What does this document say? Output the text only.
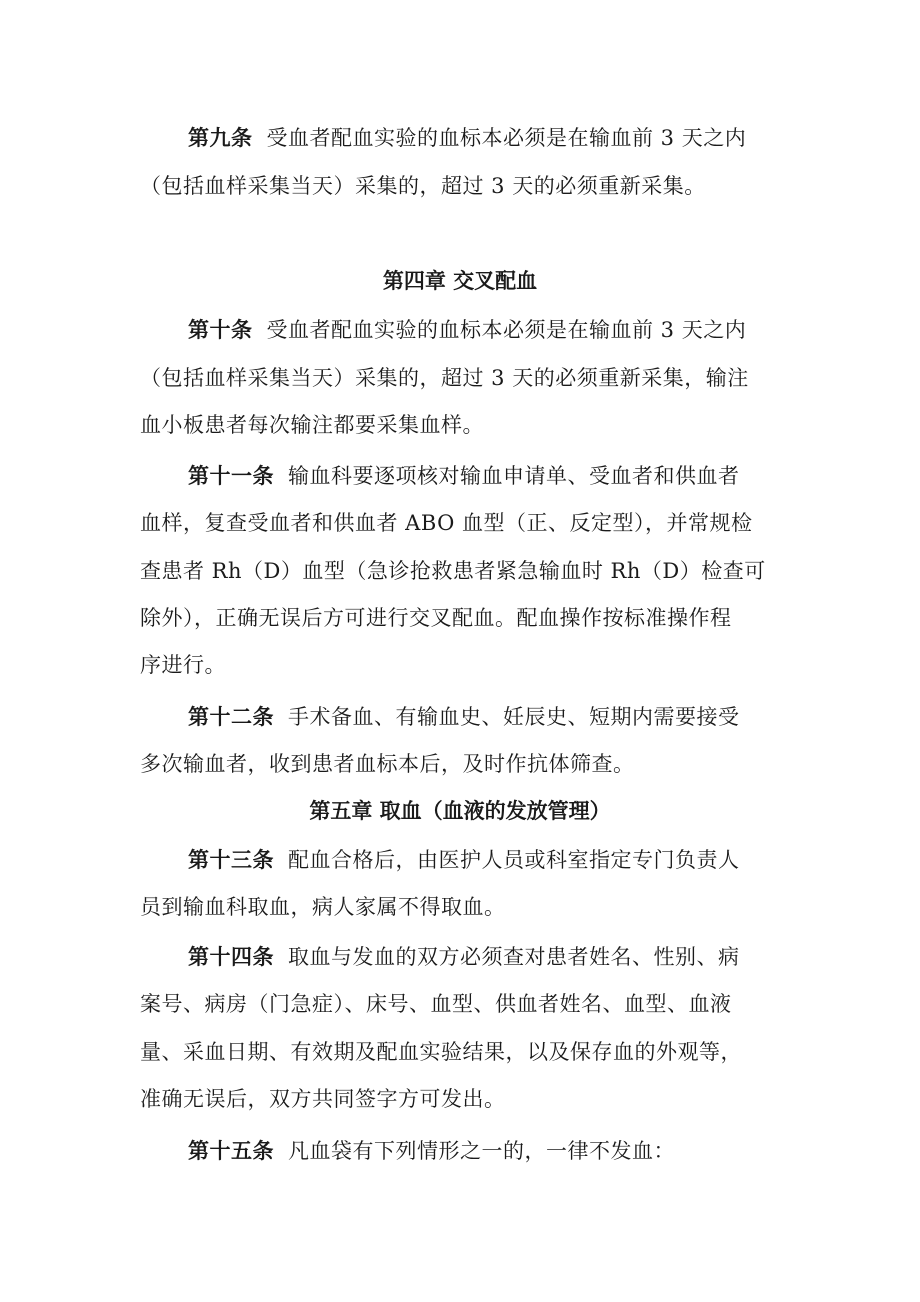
第九条 受血者配血实验的血标本必须是在输血前 3 天之内
（包括血样采集当天）采集的，超过 3 天的必须重新采集。
第四章 交叉配血
第十条 受血者配血实验的血标本必须是在输血前 3 天之内
（包括血样采集当天）采集的，超过 3 天的必须重新采集，输注
血小板患者每次输注都要采集血样。
第十一条 输血科要逐项核对输血申请单、受血者和供血者
血样，复查受血者和供血者 ABO 血型（正、反定型），并常规检
查患者 Rh（D）血型（急诊抢救患者紧急输血时 Rh（D）检查可
除外），正确无误后方可进行交叉配血。配血操作按标准操作程
序进行。
第十二条 手术备血、有输血史、妊辰史、短期内需要接受
多次输血者，收到患者血标本后，及时作抗体筛查。
第五章 取血（血液的发放管理）
第十三条 配血合格后，由医护人员或科室指定专门负责人
员到输血科取血，病人家属不得取血。
第十四条 取血与发血的双方必须查对患者姓名、性别、病
案号、病房（门急症）、床号、血型、供血者姓名、血型、血液
量、采血日期、有效期及配血实验结果，以及保存血的外观等，
准确无误后，双方共同签字方可发出。
第十五条 凡血袋有下列情形之一的，一律不发血：
